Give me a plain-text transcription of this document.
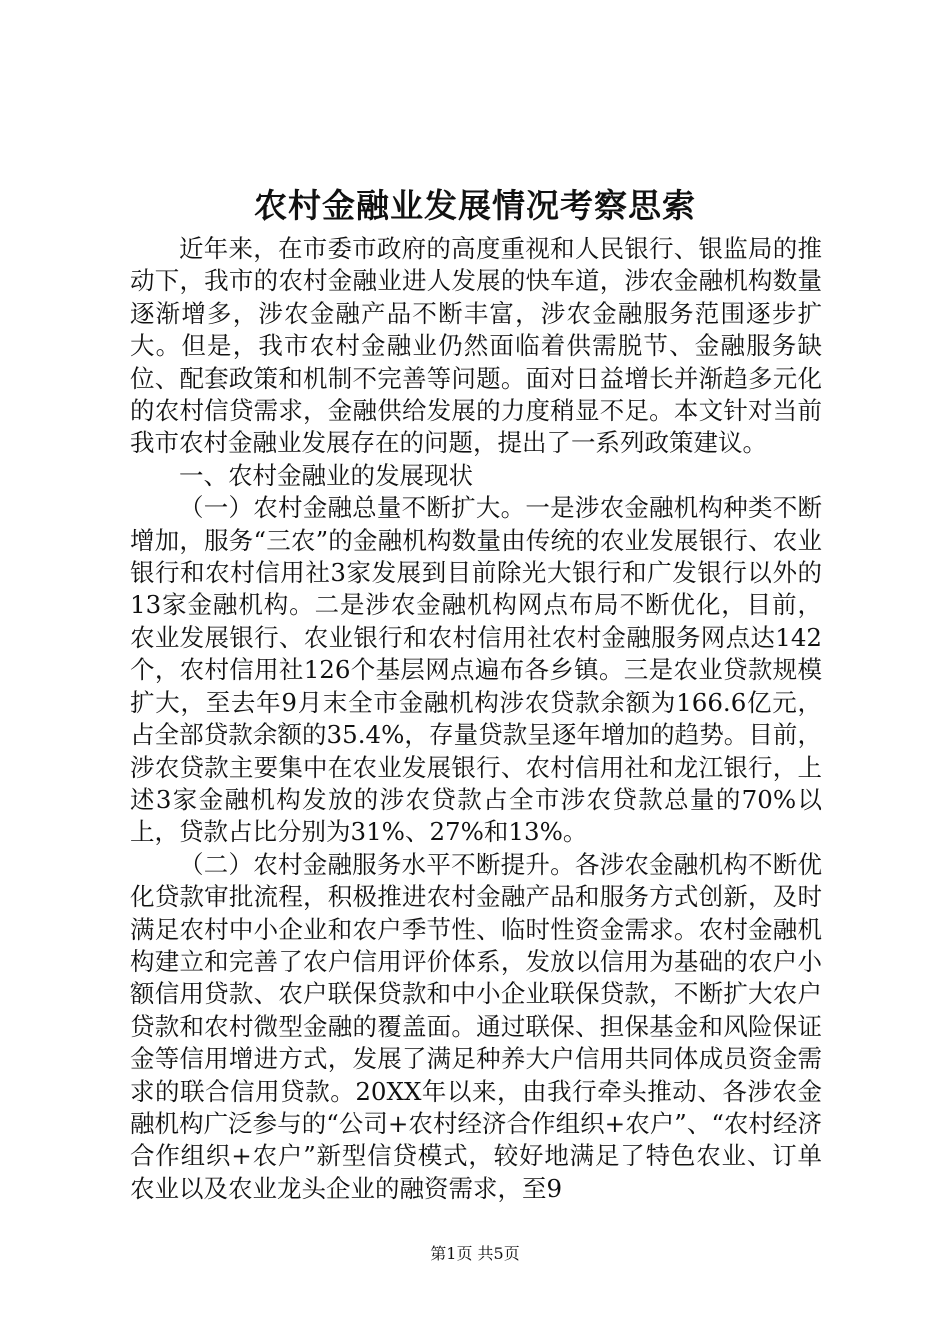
农村金融业发展情况考察思索

近年来，在市委市政府的高度重视和人民银行、银监局的推动下，我市的农村金融业进人发展的快车道，涉农金融机构数量逐渐增多，涉农金融产品不断丰富，涉农金融服务范围逐步扩大。但是，我市农村金融业仍然面临着供需脱节、金融服务缺位、配套政策和机制不完善等问题。面对日益增长并渐趋多元化的农村信贷需求，金融供给发展的力度稍显不足。本文针对当前我市农村金融业发展存在的问题，提出了一系列政策建议。

一、农村金融业的发展现状

（一）农村金融总量不断扩大。一是涉农金融机构种类不断增加，服务“三农”的金融机构数量由传统的农业发展银行、农业银行和农村信用社3家发展到目前除光大银行和广发银行以外的13家金融机构。二是涉农金融机构网点布局不断优化，目前，农业发展银行、农业银行和农村信用社农村金融服务网点达142个，农村信用社126个基层网点遍布各乡镇。三是农业贷款规模扩大，至去年9月末全市金融机构涉农贷款余额为166.6亿元，占全部贷款余额的35.4%，存量贷款呈逐年增加的趋势。目前，涉农贷款主要集中在农业发展银行、农村信用社和龙江银行，上述3家金融机构发放的涉农贷款占全市涉农贷款总量的70%以上，贷款占比分别为31%、27%和13%。

（二）农村金融服务水平不断提升。各涉农金融机构不断优化贷款审批流程，积极推进农村金融产品和服务方式创新，及时满足农村中小企业和农户季节性、临时性资金需求。农村金融机构建立和完善了农户信用评价体系，发放以信用为基础的农户小额信用贷款、农户联保贷款和中小企业联保贷款，不断扩大农户贷款和农村微型金融的覆盖面。通过联保、担保基金和风险保证金等信用增进方式，发展了满足种养大户信用共同体成员资金需求的联合信用贷款。20XX年以来，由我行牵头推动、各涉农金融机构广泛参与的“公司+农村经济合作组织+农户”、“农村经济合作组织+农户”新型信贷模式，较好地满足了特色农业、订单农业以及农业龙头企业的融资需求，至9

第1页 共5页
